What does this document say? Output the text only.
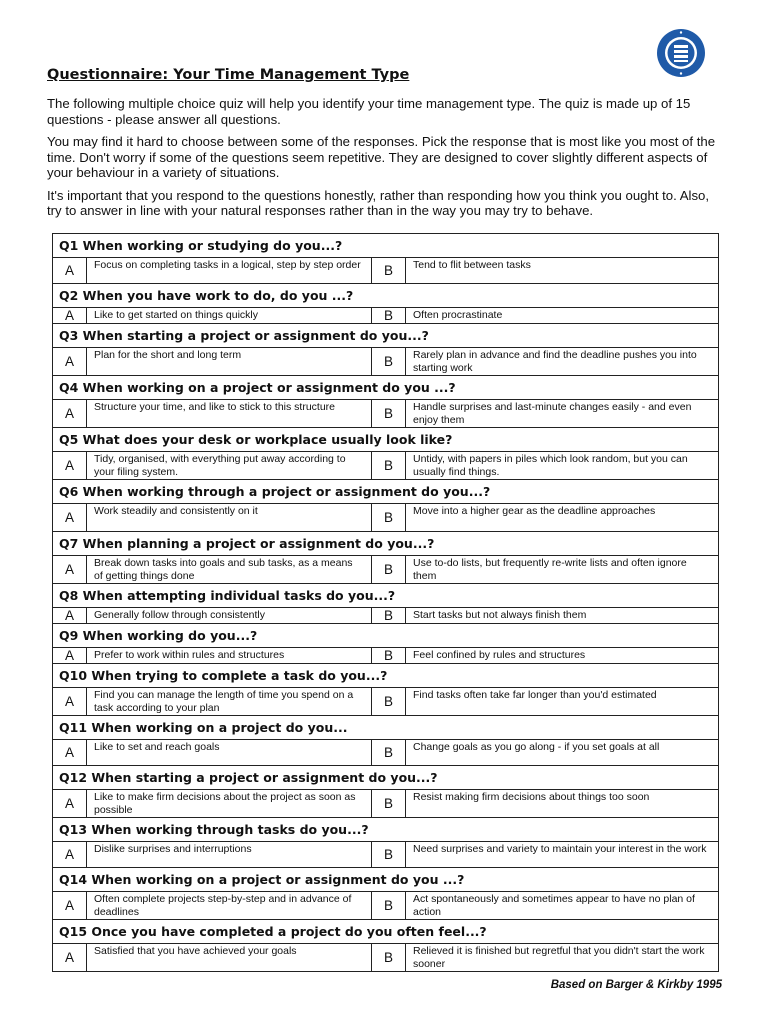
Questionnaire: Your Time Management Type

The following multiple choice quiz will help you identify your time management type. The quiz is made up of 15 questions - please answer all questions.

You may find it hard to choose between some of the responses. Pick the response that is most like you most of the time. Don't worry if some of the questions seem repetitive. They are designed to cover slightly different aspects of your behaviour in a variety of situations.

It's important that you respond to the questions honestly, rather than responding how you think you ought to. Also, try to answer in line with your natural responses rather than in the way you may try to behave.

Q1 When working or studying do you...?			
A	Focus on completing tasks in a logical, step by step order	B	Tend to flit between tasks
Q2 When you have work to do, do you ...?			
A	Like to get started on things quickly	B	Often procrastinate
Q3 When starting a project or assignment do you...?			
A	Plan for the short and long term	B	Rarely plan in advance and find the deadline pushes you into starting work
Q4 When working on a project or assignment do you ...?			
A	Structure your time, and like to stick to this structure	B	Handle surprises and last-minute changes easily - and even enjoy them
Q5 What does your desk or workplace usually look like?			
A	Tidy, organised, with everything put away according to your filing system.	B	Untidy, with papers in piles which look random, but you can usually find things.
Q6 When working through a project or assignment do you...?			
A	Work steadily and consistently on it	B	Move into a higher gear as the deadline approaches
Q7 When planning a project or assignment do you...?			
A	Break down tasks into goals and sub tasks, as a means of getting things done	B	Use to-do lists, but frequently re-write lists and often ignore them
Q8 When attempting individual tasks do you...?			
A	Generally follow through consistently	B	Start tasks but not always finish them
Q9 When working do you...?			
A	Prefer to work within rules and structures	B	Feel confined by rules and structures
Q10 When trying to complete a task do you...?			
A	Find you can manage the length of time you spend on a task according to your plan	B	Find tasks often take far longer than you'd estimated
Q11 When working on a project do you...			
A	Like to set and reach goals	B	Change goals as you go along - if you set goals at all
Q12 When starting a project or assignment do you...?			
A	Like to make firm decisions about the project as soon as possible	B	Resist making firm decisions about things too soon
Q13 When working through tasks do you...?			
A	Dislike surprises and interruptions	B	Need surprises and variety to maintain your interest in the work
Q14 When working on a project or assignment do you ...?			
A	Often complete projects step-by-step and in advance of deadlines	B	Act spontaneously and sometimes appear to have no plan of action
Q15 Once you have completed a project do you often feel...?			
A	Satisfied that you have achieved your goals	B	Relieved it is finished but regretful that you didn't start the work sooner
Based on Barger & Kirkby 1995
